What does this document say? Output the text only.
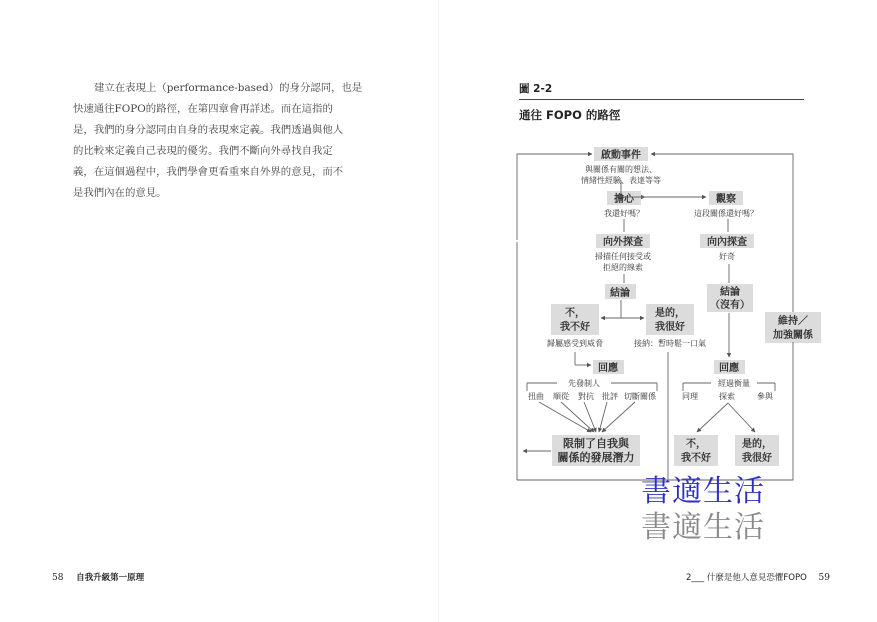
建立在表現上（performance-based）的身分認同，也是
快速通往FOPO的路徑，在第四章會再詳述。而在這指的
是，我們的身分認同由自身的表現來定義。我們透過與他人
的比較來定義自己表現的優劣。我們不斷向外尋找自我定
義，在這個過程中，我們學會更看重來自外界的意見，而不
是我們內在的意見。
58 自我升級第一原理
圖 2-2
通往 FOPO 的路徑
啟動事件
擔心	觀察
向外探查	向內探查
結論	結論
（沒有）
不，
我不好
是的，
我很好
回應	回應
限制了自我與
關係的發展潛力
維持／
加強關係
不，
我不好
是的，
我很好
與關係有關的想法、
情緒性經驗、表達等等
我還好嗎？	這段關係還好嗎？
掃描任何接受或
拒絕的線索
好奇
歸屬感受到威脅	接納：暫時鬆一口氣
先發制人	經過衡量
扭曲 順從 對抗 批評 切斷關係	同理	探索	參與
2___ 什麼是他人意見恐懼FOPO 59
書適生活
書適生活
